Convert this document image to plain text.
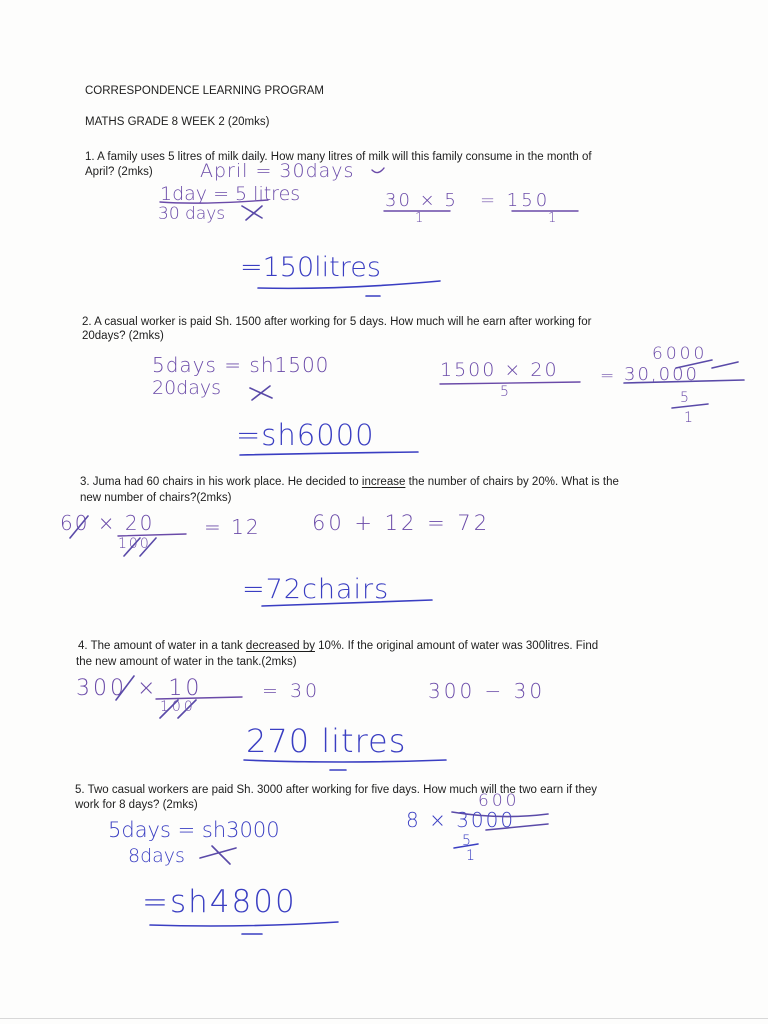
CORRESPONDENCE LEARNING PROGRAM
MATHS GRADE 8 WEEK 2 (20mks)
1. A family uses 5 litres of milk daily. How many litres of milk will this family consume in the month of
April? (2mks) April = 30days
1day = 5 litres
30 days
30 × 5
1
= 150
1
=150litres
2. A casual worker is paid Sh. 1500 after working for 5 days. How much will he earn after working for
20days? (2mks)
5days = sh1500
20days
1500 × 20
5
=
6000
30,000
5
1
=sh6000
3. Juma had 60 chairs in his work place. He decided to increase the number of chairs by 20%. What is the
new number of chairs?(2mks)
60 × 20
100
= 12 60 + 12 = 72
=72chairs
4. The amount of water in a tank decreased by 10%. If the original amount of water was 300litres. Find
the new amount of water in the tank.(2mks)
300 × 10
100
= 30	300 − 30
270 litres
5. Two casual workers are paid Sh. 3000 after working for five days. How much will the two earn if they
work for 8 days? (2mks)
5days = sh3000
8days
8 × 3000
600
5
1
=sh4800
